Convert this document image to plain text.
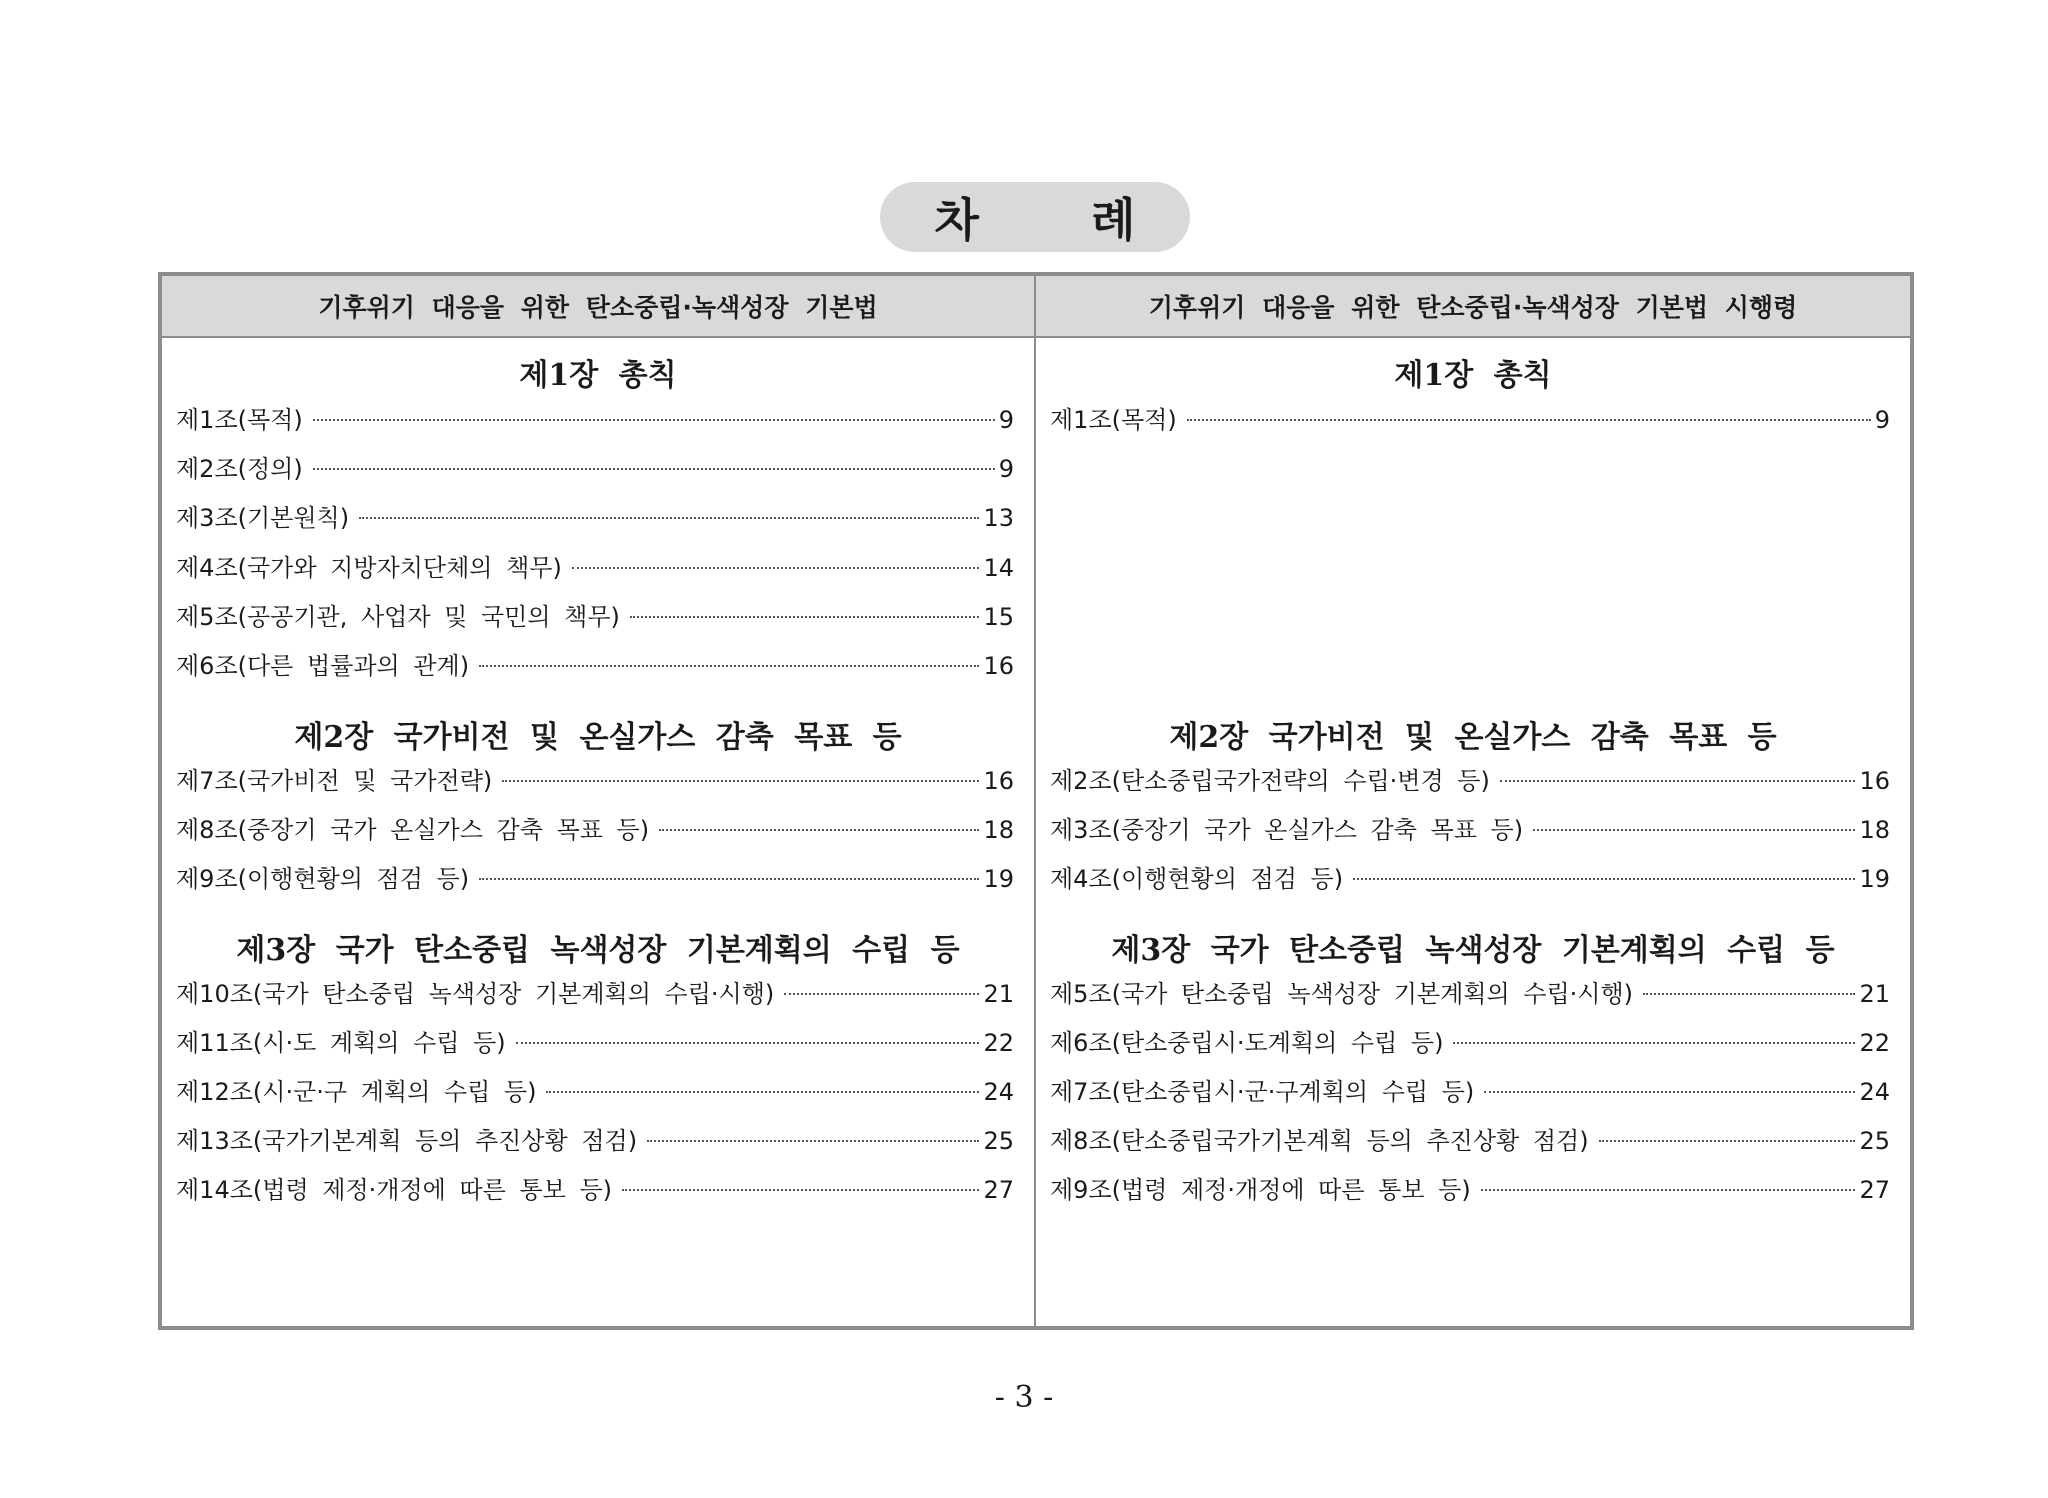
차 례
기후위기 대응을 위한 탄소중립·녹색성장 기본법
제1장 총칙
제1조(목적)	9
제2조(정의)	9
제3조(기본원칙)	13
제4조(국가와 지방자치단체의 책무)	14
제5조(공공기관, 사업자 및 국민의 책무)	15
제6조(다른 법률과의 관계)	16
제2장 국가비전 및 온실가스 감축 목표 등
제7조(국가비전 및 국가전략)	16
제8조(중장기 국가 온실가스 감축 목표 등)	18
제9조(이행현황의 점검 등)	19
제3장 국가 탄소중립 녹색성장 기본계획의 수립 등
제10조(국가 탄소중립 녹색성장 기본계획의 수립·시행)	21
제11조(시·도 계획의 수립 등)	22
제12조(시·군·구 계획의 수립 등)	24
제13조(국가기본계획 등의 추진상황 점검)	25
제14조(법령 제정·개정에 따른 통보 등)	27
기후위기 대응을 위한 탄소중립·녹색성장 기본법 시행령
제1장 총칙
제1조(목적)	9
제2장 국가비전 및 온실가스 감축 목표 등
제2조(탄소중립국가전략의 수립·변경 등)	16
제3조(중장기 국가 온실가스 감축 목표 등)	18
제4조(이행현황의 점검 등)	19
제3장 국가 탄소중립 녹색성장 기본계획의 수립 등
제5조(국가 탄소중립 녹색성장 기본계획의 수립·시행)	21
제6조(탄소중립시·도계획의 수립 등)	22
제7조(탄소중립시·군·구계획의 수립 등)	24
제8조(탄소중립국가기본계획 등의 추진상황 점검)	25
제9조(법령 제정·개정에 따른 통보 등)	27
- 3 -
